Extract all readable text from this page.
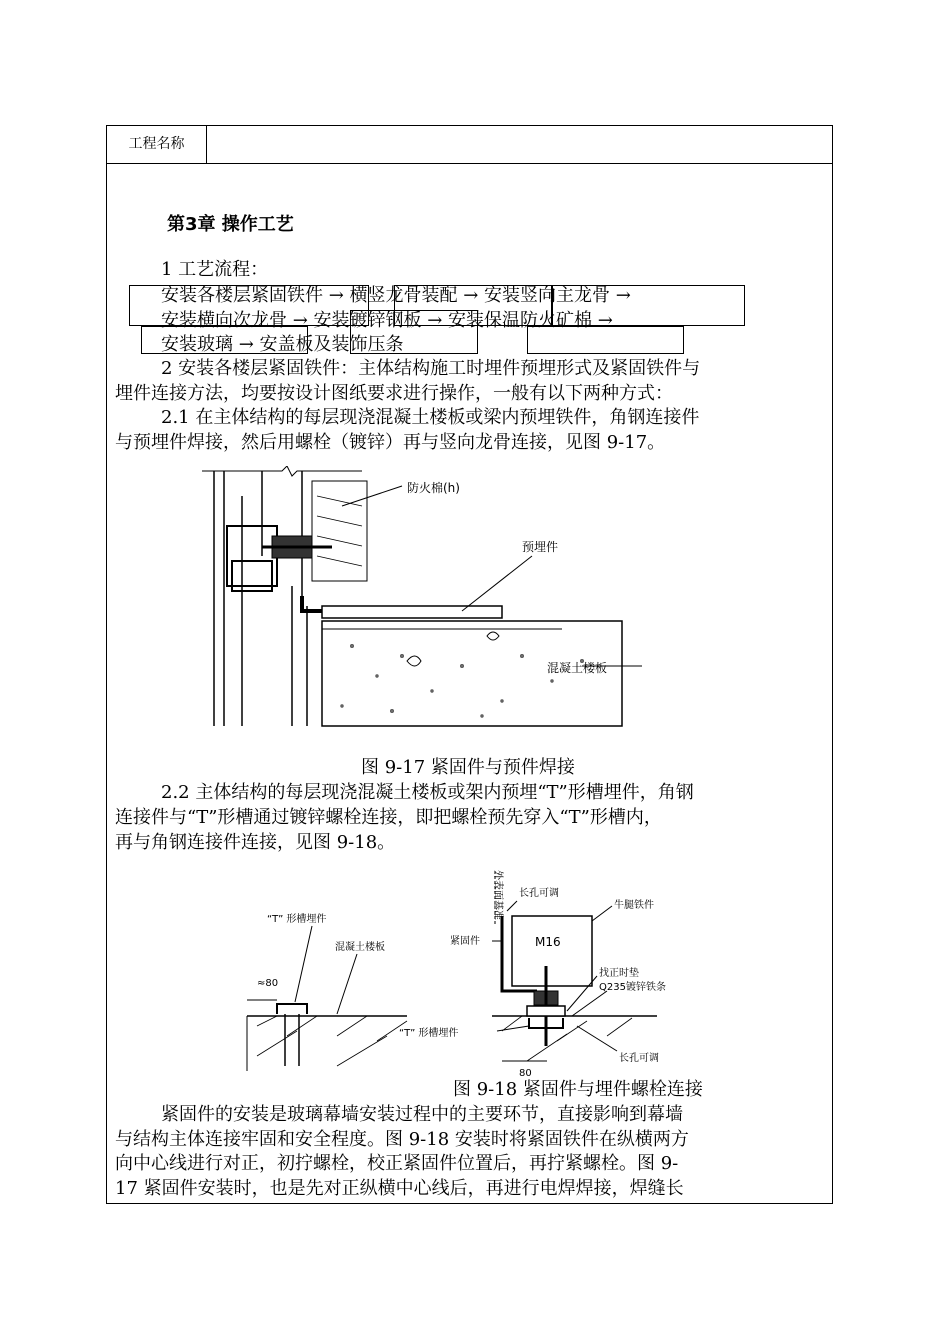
工程名称
第3章 操作工艺
1 工艺流程：
安装各楼层紧固铁件 → 横竖龙骨装配 → 安装竖向主龙骨 →
安装横向次龙骨 → 安装镀锌钢板 → 安装保温防火矿棉 →
安装玻璃 → 安盖板及装饰压条
2 安装各楼层紧固铁件：主体结构施工时埋件预埋形式及紧固铁件与
埋件连接方法，均要按设计图纸要求进行操作，一般有以下两种方式：
2.1 在主体结构的每层现浇混凝土楼板或梁内预埋铁件，角钢连接件
与预埋件焊接，然后用螺栓（镀锌）再与竖向龙骨连接，见图 9-17。
防火棉(h)
预埋件
混凝土楼板
图 9-17 紧固件与预件焊接
2.2 主体结构的每层现浇混凝土楼板或架内预埋“T”形槽埋件，角钢
连接件与“T”形槽通过镀锌螺栓连接，即把螺栓预先穿入“T”形槽内，
再与角钢连接件连接，见图 9-18。
≈80
“T” 形槽埋件
混凝土楼板
外表面基准 长孔可调
牛腿铁件
紧固件	M16
找正时垫
Q235镀锌铁条
“T” 形槽埋件
80
长孔可调
图 9-18 紧固件与埋件螺栓连接
紧固件的安装是玻璃幕墙安装过程中的主要环节，直接影响到幕墙
与结构主体连接牢固和安全程度。图 9-18 安装时将紧固铁件在纵横两方
向中心线进行对正，初拧螺栓，校正紧固件位置后，再拧紧螺栓。图 9-
17 紧固件安装时，也是先对正纵横中心线后，再进行电焊焊接，焊缝长
